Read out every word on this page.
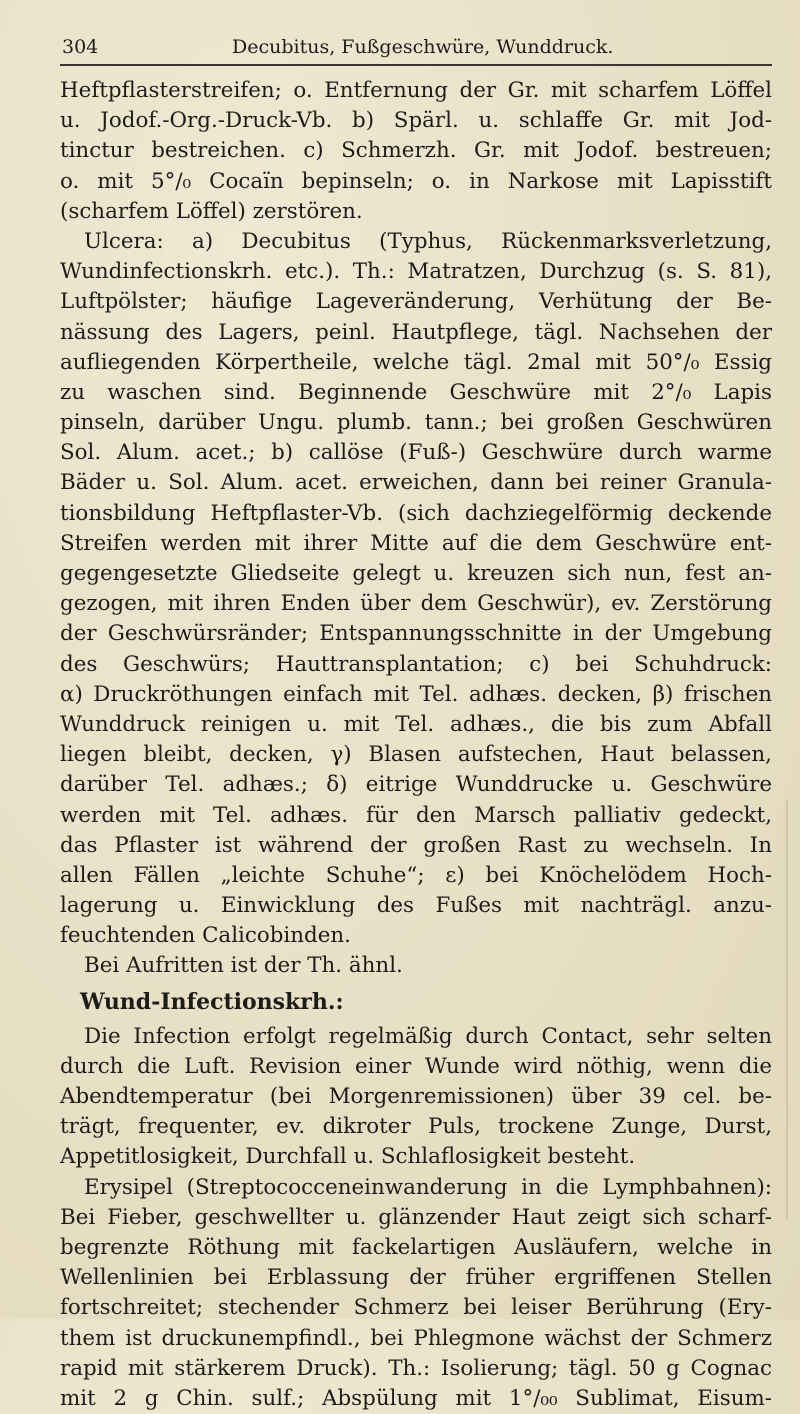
304	Decubitus, Fußgeschwüre, Wunddruck.
Heftpflasterstreifen; o. Entfernung der Gr. mit scharfem Löffel
u. Jodof.-Org.-Druck-Vb. b) Spärl. u. schlaffe Gr. mit Jod-
tinctur bestreichen. c) Schmerzh. Gr. mit Jodof. bestreuen;
o. mit 5°/₀ Cocaïn bepinseln; o. in Narkose mit Lapisstift
(scharfem Löffel) zerstören.
Ulcera: a) Decubitus (Typhus, Rückenmarksverletzung,
Wundinfectionskrh. etc.). Th.: Matratzen, Durchzug (s. S. 81),
Luftpölster; häufige Lageveränderung, Verhütung der Be-
nässung des Lagers, peinl. Hautpflege, tägl. Nachsehen der
aufliegenden Körpertheile, welche tägl. 2mal mit 50°/₀ Essig
zu waschen sind. Beginnende Geschwüre mit 2°/₀ Lapis
pinseln, darüber Ungu. plumb. tann.; bei großen Geschwüren
Sol. Alum. acet.; b) callöse (Fuß-) Geschwüre durch warme
Bäder u. Sol. Alum. acet. erweichen, dann bei reiner Granula-
tionsbildung Heftpflaster-Vb. (sich dachziegelförmig deckende
Streifen werden mit ihrer Mitte auf die dem Geschwüre ent-
gegengesetzte Gliedseite gelegt u. kreuzen sich nun, fest an-
gezogen, mit ihren Enden über dem Geschwür), ev. Zerstörung
der Geschwürsränder; Entspannungsschnitte in der Umgebung
des Geschwürs; Hauttransplantation; c) bei Schuhdruck:
α) Druckröthungen einfach mit Tel. adhæs. decken, β) frischen
Wunddruck reinigen u. mit Tel. adhæs., die bis zum Abfall
liegen bleibt, decken, γ) Blasen aufstechen, Haut belassen,
darüber Tel. adhæs.; δ) eitrige Wunddrucke u. Geschwüre
werden mit Tel. adhæs. für den Marsch palliativ gedeckt,
das Pflaster ist während der großen Rast zu wechseln. In
allen Fällen „leichte Schuhe“; ε) bei Knöchelödem Hoch-
lagerung u. Einwicklung des Fußes mit nachträgl. anzu-
feuchtenden Calicobinden.
Bei Aufritten ist der Th. ähnl.
Wund-Infectionskrh.:
Die Infection erfolgt regelmäßig durch Contact, sehr selten
durch die Luft. Revision einer Wunde wird nöthig, wenn die
Abendtemperatur (bei Morgenremissionen) über 39 cel. be-
trägt, frequenter, ev. dikroter Puls, trockene Zunge, Durst,
Appetitlosigkeit, Durchfall u. Schlaflosigkeit besteht.
Erysipel (Streptococceneinwanderung in die Lymphbahnen):
Bei Fieber, geschwellter u. glänzender Haut zeigt sich scharf-
begrenzte Röthung mit fackelartigen Ausläufern, welche in
Wellenlinien bei Erblassung der früher ergriffenen Stellen
fortschreitet; stechender Schmerz bei leiser Berührung (Ery-
them ist druckunempfindl., bei Phlegmone wächst der Schmerz
rapid mit stärkerem Druck). Th.: Isolierung; tägl. 50 g Cognac
mit 2 g Chin. sulf.; Abspülung mit 1°/₀₀ Sublimat, Eisum-
